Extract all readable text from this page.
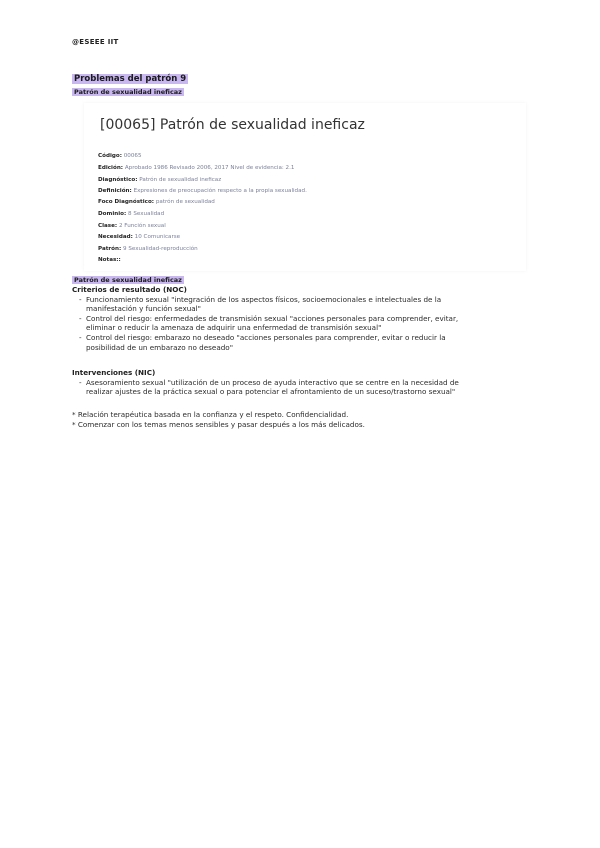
@ESEEE IIT
Problemas del patrón 9
Patrón de sexualidad ineficaz
[00065] Patrón de sexualidad ineficaz
Código: 00065
Edición: Aprobado 1986 Revisado 2006, 2017 Nivel de evidencia: 2.1
Diagnóstico: Patrón de sexualidad ineficaz
Definición: Expresiones de preocupación respecto a la propia sexualidad.
Foco Diagnóstico: patrón de sexualidad
Dominio: 8 Sexualidad
Clase: 2 Función sexual
Necesidad: 10 Comunicarse
Patrón: 9 Sexualidad-reproducción
Notas::
Patrón de sexualidad ineficaz
Criterios de resultado (NOC)
- Funcionamiento sexual "integración de los aspectos físicos, socioemocionales e intelectuales de la
manifestación y función sexual"
- Control del riesgo: enfermedades de transmisión sexual "acciones personales para comprender, evitar,
eliminar o reducir la amenaza de adquirir una enfermedad de transmisión sexual"
- Control del riesgo: embarazo no deseado "acciones personales para comprender, evitar o reducir la
posibilidad de un embarazo no deseado"
Intervenciones (NIC)
- Asesoramiento sexual "utilización de un proceso de ayuda interactivo que se centre en la necesidad de
realizar ajustes de la práctica sexual o para potenciar el afrontamiento de un suceso/trastorno sexual"
* Relación terapéutica basada en la confianza y el respeto. Confidencialidad.
* Comenzar con los temas menos sensibles y pasar después a los más delicados.
